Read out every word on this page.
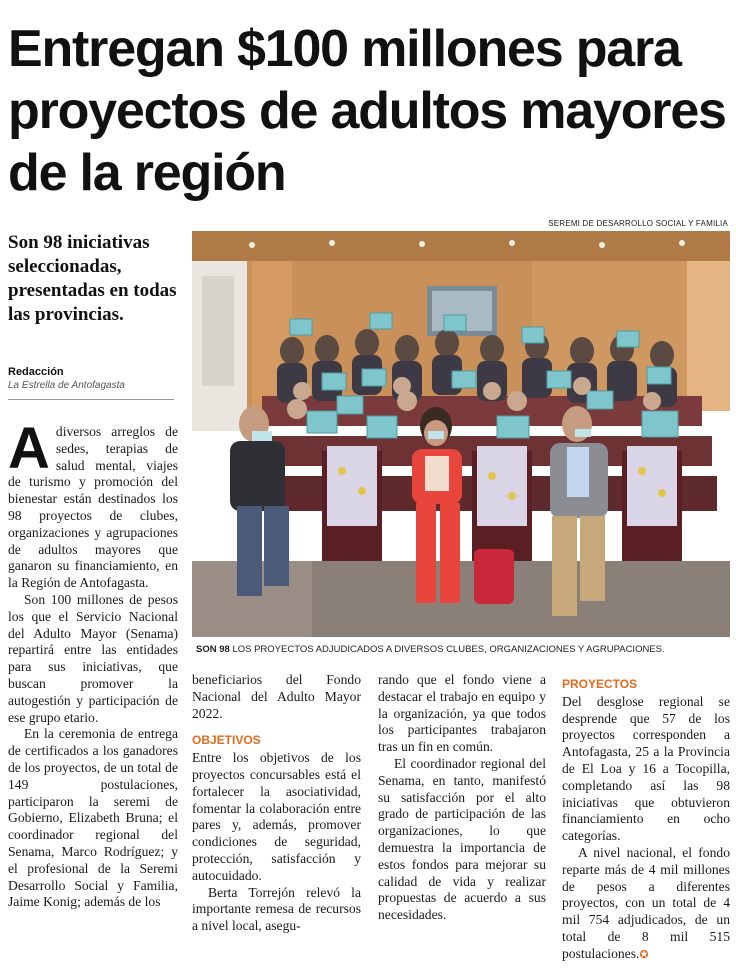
Entregan $100 millones para proyectos de adultos mayores de la región
SEREMI DE DESARROLLO SOCIAL Y FAMILIA
Son 98 iniciativas seleccionadas, presentadas en todas las provincias.
Redacción
La Estrella de Antofagasta
SON 98 LOS PROYECTOS ADJUDICADOS A DIVERSOS CLUBES, ORGANIZACIONES Y AGRUPACIONES.

Adiversos arreglos de sedes, terapias de salud mental, viajes de turismo y promoción del bienestar están destinados los 98 proyectos de clubes, organizaciones y agrupaciones de adultos mayores que ganaron su financiamiento, en la Región de Antofagasta.

Son 100 millones de pesos los que el Servicio Nacional del Adulto Mayor (Senama) repartirá entre las entidades para sus iniciativas, que buscan promover la autogestión y participación de ese grupo etario.

En la ceremonia de entrega de certificados a los ganadores de los proyectos, de un total de 149 postulaciones, participaron la seremi de Gobierno, Elizabeth Bruna; el coordinador regional del Senama, Marco Rodríguez; y el profesional de la Seremi Desarrollo Social y Familia, Jaime Konig; además de los

beneficiarios del Fondo Nacional del Adulto Mayor 2022.

OBJETIVOS

Entre los objetivos de los proyectos concursables está el fortalecer la asociatividad, fomentar la colaboración entre pares y, además, promover condiciones de seguridad, protección, satisfacción y autocuidado.

Berta Torrejón relevó la importante remesa de recursos a nivel local, asegu-

rando que el fondo viene a destacar el trabajo en equipo y la organización, ya que todos los participantes trabajaron tras un fin en común.

El coordinador regional del Senama, en tanto, manifestó su satisfacción por el alto grado de participación de las organizaciones, lo que demuestra la importancia de estos fondos para mejorar su calidad de vida y realizar propuestas de acuerdo a sus necesidades.

PROYECTOS

Del desglose regional se desprende que 57 de los proyectos corresponden a Antofagasta, 25 a la Provincia de El Loa y 16 a Tocopilla, completando así las 98 iniciativas que obtuvieron financiamiento en ocho categorías.

A nivel nacional, el fondo reparte más de 4 mil millones de pesos a diferentes proyectos, con un total de 4 mil 754 adjudicados, de un total de 8 mil 515 postulaciones.✪
